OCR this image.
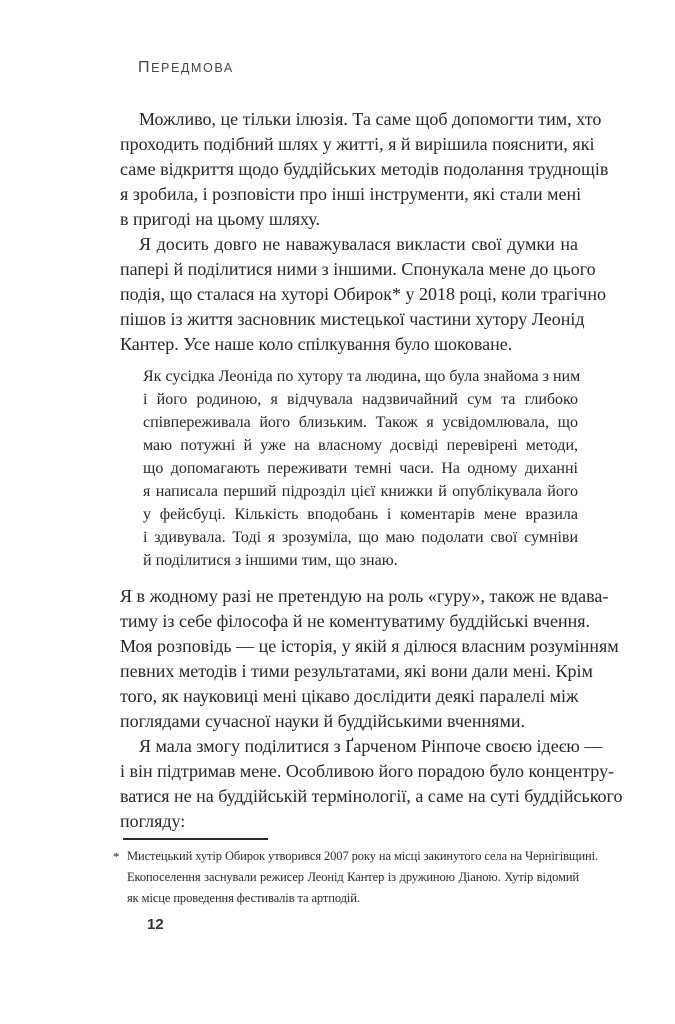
ПЕРЕДМОВА
Можливо, це тільки ілюзія. Та саме щоб допомогти тим, хто
проходить подібний шлях у житті, я й вирішила пояснити, які
саме відкриття щодо буддійських методів подолання труднощів
я зробила, і розповісти про інші інструменти, які стали мені
в пригоді на цьому шляху.
Я досить довго не наважувалася викласти свої думки на
папері й поділитися ними з іншими. Спонукала мене до цього
подія, що сталася на хуторі Обирок* у 2018 році, коли трагічно
пішов із життя засновник мистецької частини хутору Леонід
Кантер. Усе наше коло спілкування було шоковане.
Як сусідка Леоніда по хутору та людина, що була знайома з ним
і його родиною, я відчувала надзвичайний сум та глибоко
співпереживала його близьким. Також я усвідомлювала, що
маю потужні й уже на власному досвіді перевірені методи,
що допомагають переживати темні часи. На одному диханні
я написала перший підрозділ цієї книжки й опублікувала його
у фейсбуці. Кількість вподобань і коментарів мене вразила
і здивувала. Тоді я зрозуміла, що маю подолати свої сумніви
й поділитися з іншими тим, що знаю.
Я в жодному разі не претендую на роль «гуру», також не вдава-
тиму із себе філософа й не коментуватиму буддійські вчення.
Моя розповідь — це історія, у якій я ділюся власним розумінням
певних методів і тими результатами, які вони дали мені. Крім
того, як науковиці мені цікаво дослідити деякі паралелі між
поглядами сучасної науки й буддійськими вченнями.
Я мала змогу поділитися з Ґарченом Рінпоче своєю ідеєю —
і він підтримав мене. Особливою його порадою було концентру-
ватися не на буддійській термінології, а саме на суті буддійського
погляду:
* Мистецький хутір Обирок утворився 2007 року на місці закинутого села на Чернігівщині.
Екопоселення заснували режисер Леонід Кантер із дружиною Діаною. Хутір відомий
як місце проведення фестивалів та артподій.
12
